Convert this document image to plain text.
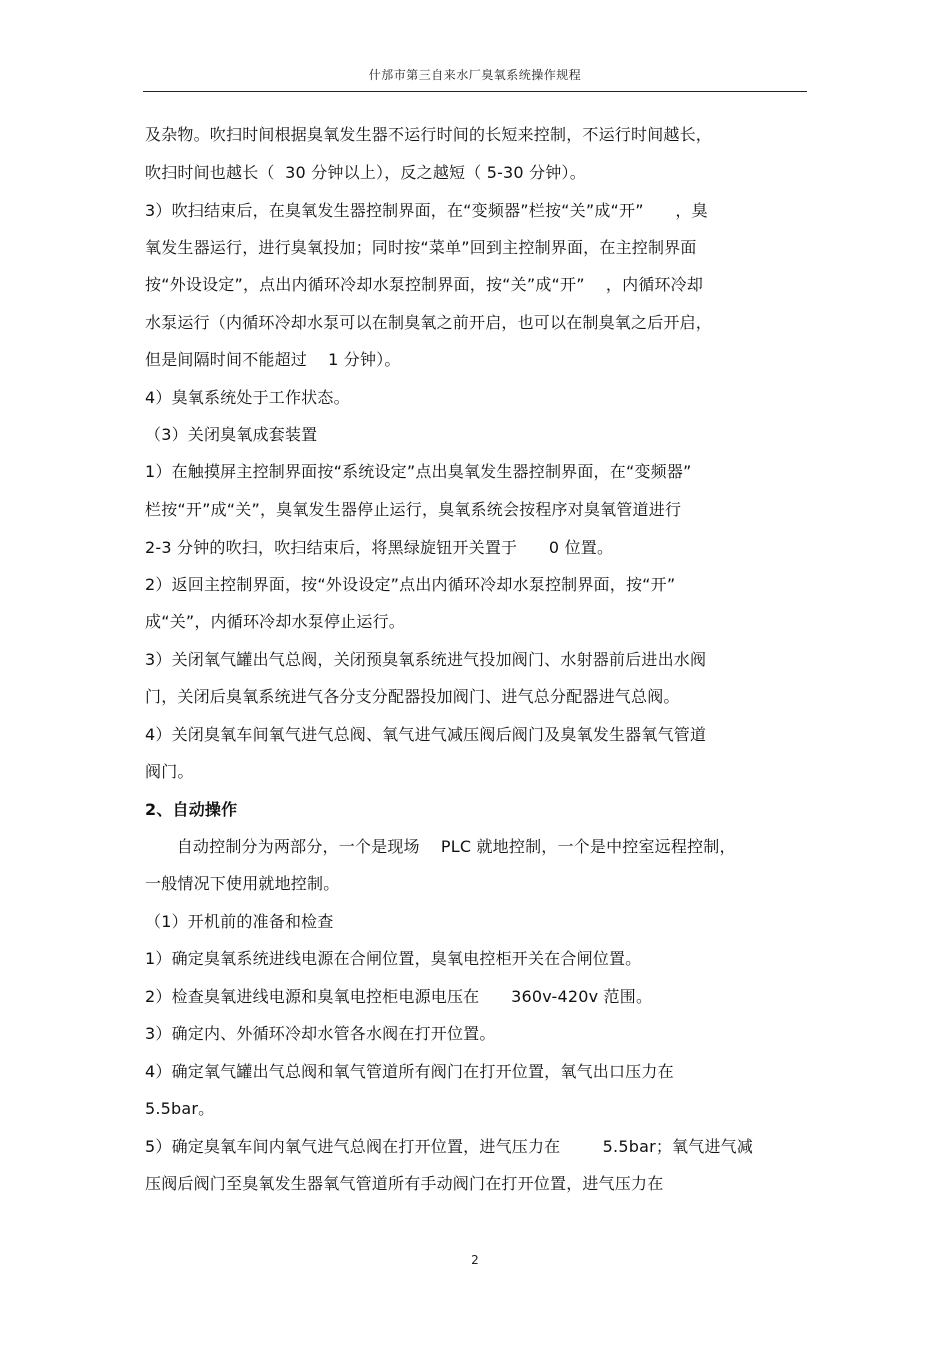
什邡市第三自来水厂臭氧系统操作规程
及杂物。吹扫时间根据臭氧发生器不运行时间的长短来控制，不运行时间越长，
吹扫时间也越长（  30 分钟以上），反之越短（ 5-30 分钟）。
3）吹扫结束后，在臭氧发生器控制界面，在“变频器”栏按“关”成“开”      ，臭
氧发生器运行，进行臭氧投加；同时按“菜单”回到主控制界面，在主控制界面
按“外设设定”，点出内循环冷却水泵控制界面，按“关”成“开”    ，内循环冷却
水泵运行（内循环冷却水泵可以在制臭氧之前开启，也可以在制臭氧之后开启，
但是间隔时间不能超过    1 分钟）。
4）臭氧系统处于工作状态。
（3）关闭臭氧成套装置
1）在触摸屏主控制界面按“系统设定”点出臭氧发生器控制界面，在“变频器”
栏按“开”成“关”，臭氧发生器停止运行，臭氧系统会按程序对臭氧管道进行
2-3 分钟的吹扫，吹扫结束后，将黑绿旋钮开关置于      0 位置。
2）返回主控制界面，按“外设设定”点出内循环冷却水泵控制界面，按“开”
成“关”，内循环冷却水泵停止运行。
3）关闭氧气罐出气总阀，关闭预臭氧系统进气投加阀门、水射器前后进出水阀
门，关闭后臭氧系统进气各分支分配器投加阀门、进气总分配器进气总阀。
4）关闭臭氧车间氧气进气总阀、氧气进气减压阀后阀门及臭氧发生器氧气管道
阀门。
2、自动操作
自动控制分为两部分，一个是现场    PLC 就地控制，一个是中控室远程控制，
一般情况下使用就地控制。
（1）开机前的准备和检查
1）确定臭氧系统进线电源在合闸位置，臭氧电控柜开关在合闸位置。
2）检查臭氧进线电源和臭氧电控柜电源电压在      360v-420v 范围。
3）确定内、外循环冷却水管各水阀在打开位置。
4）确定氧气罐出气总阀和氧气管道所有阀门在打开位置，氧气出口压力在
5.5bar。
5）确定臭氧车间内氧气进气总阀在打开位置，进气压力在        5.5bar；氧气进气减
压阀后阀门至臭氧发生器氧气管道所有手动阀门在打开位置，进气压力在
2
